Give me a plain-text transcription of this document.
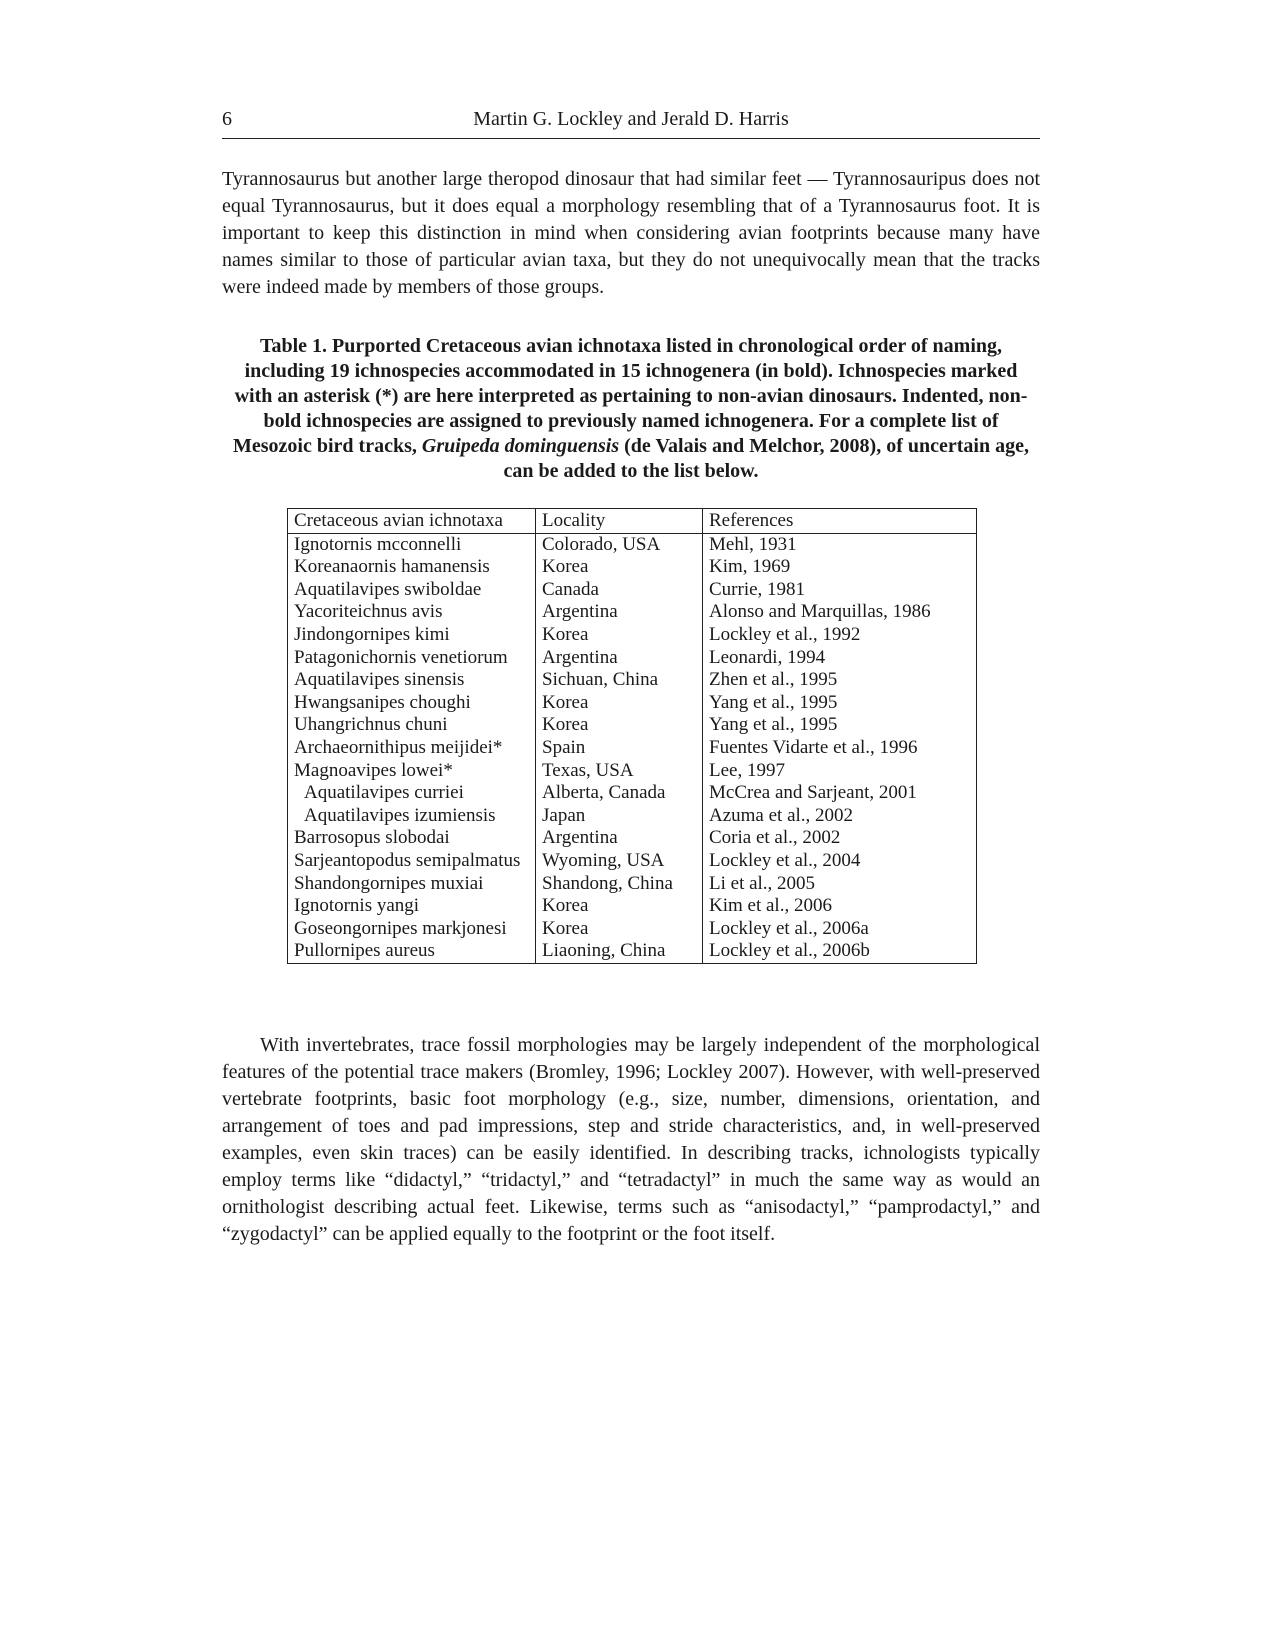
6	Martin G. Lockley and Jerald D. Harris

Tyrannosaurus but another large theropod dinosaur that had similar feet — Tyrannosauripus does not equal Tyrannosaurus, but it does equal a morphology resembling that of a Tyrannosaurus foot. It is important to keep this distinction in mind when considering avian footprints because many have names similar to those of particular avian taxa, but they do not unequivocally mean that the tracks were indeed made by members of those groups.

Table 1. Purported Cretaceous avian ichnotaxa listed in chronological order of naming, including 19 ichnospecies accommodated in 15 ichnogenera (in bold). Ichnospecies marked with an asterisk (*) are here interpreted as pertaining to non-avian dinosaurs. Indented, non-bold ichnospecies are assigned to previously named ichnogenera. For a complete list of Mesozoic bird tracks, Gruipeda dominguensis (de Valais and Melchor, 2008), of uncertain age, can be added to the list below.

Cretaceous avian ichnotaxa	Locality	References
Ignotornis mcconnelli	Colorado, USA	Mehl, 1931
Koreanaornis hamanensis	Korea	Kim, 1969
Aquatilavipes swiboldae	Canada	Currie, 1981
Yacoriteichnus avis	Argentina	Alonso and Marquillas, 1986
Jindongornipes kimi	Korea	Lockley et al., 1992
Patagonichornis venetiorum	Argentina	Leonardi, 1994
Aquatilavipes sinensis	Sichuan, China	Zhen et al., 1995
Hwangsanipes choughi	Korea	Yang et al., 1995
Uhangrichnus chuni	Korea	Yang et al., 1995
Archaeornithipus meijidei*	Spain	Fuentes Vidarte et al., 1996
Magnoavipes lowei*	Texas, USA	Lee, 1997
Aquatilavipes curriei	Alberta, Canada	McCrea and Sarjeant, 2001
Aquatilavipes izumiensis	Japan	Azuma et al., 2002
Barrosopus slobodai	Argentina	Coria et al., 2002
Sarjeantopodus semipalmatus	Wyoming, USA	Lockley et al., 2004
Shandongornipes muxiai	Shandong, China	Li et al., 2005
Ignotornis yangi	Korea	Kim et al., 2006
Goseongornipes markjonesi	Korea	Lockley et al., 2006a
Pullornipes aureus	Liaoning, China	Lockley et al., 2006b

With invertebrates, trace fossil morphologies may be largely independent of the morphological features of the potential trace makers (Bromley, 1996; Lockley 2007). However, with well-preserved vertebrate footprints, basic foot morphology (e.g., size, number, dimensions, orientation, and arrangement of toes and pad impressions, step and stride characteristics, and, in well-preserved examples, even skin traces) can be easily identified. In describing tracks, ichnologists typically employ terms like “didactyl,” “tridactyl,” and “tetradactyl” in much the same way as would an ornithologist describing actual feet. Likewise, terms such as “anisodactyl,” “pamprodactyl,” and “zygodactyl” can be applied equally to the footprint or the foot itself.
